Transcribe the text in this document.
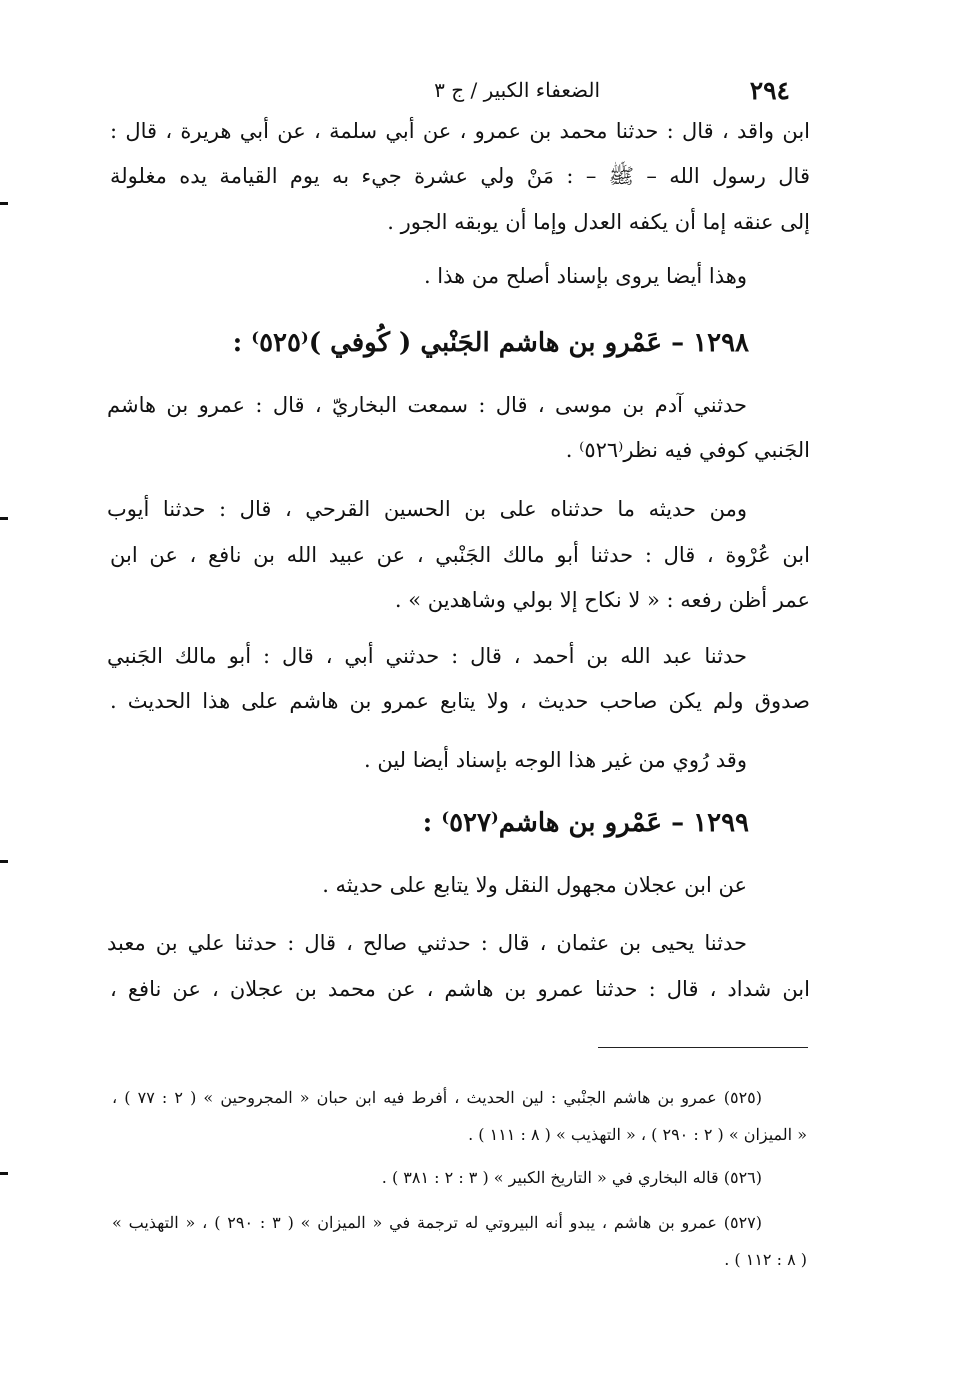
٢٩٤
الضعفاء الكبير / ج ٣
ابن واقد ، قال : حدثنا محمد بن عمرو ، عن أبي سلمة ، عن أبي هريرة ، قال :
قال رسول الله – ﷺ – : مَنْ ولي عشرة جيء به يوم القيامة يده مغلولة
إلى عنقه إما أن يكفه العدل وإما أن يوبقه الجور .
وهذا أيضا يروى بإسناد أصلح من هذا .
١٢٩٨ – عَمْرو بن هاشم الجَنْبي ( كُوفي )⁽٥٢٥⁾ :
حدثني آدم بن موسى ، قال : سمعت البخاريّ ، قال : عمرو بن هاشم
الجَنبي كوفي فيه نظر⁽٥٢٦⁾ .
ومن حديثه ما حدثناه على بن الحسين القرحي ، قال : حدثنا أيوب
ابن عُرْوة ، قال : حدثنا أبو مالك الجَنْبي ، عن عبيد الله بن نافع ، عن ابن
عمر أظن رفعه : « لا نكاح إلا بولي وشاهدين » .
حدثنا عبد الله بن أحمد ، قال : حدثني أبي ، قال : أبو مالك الجَنبي
صدوق ولم يكن صاحب حديث ، ولا يتابع عمرو بن هاشم على هذا الحديث .
وقد رُوي من غير هذا الوجه بإسناد أيضا لين .
١٢٩٩ – عَمْرو بن هاشم⁽٥٢٧⁾ :
عن ابن عجلان مجهول النقل ولا يتابع على حديثه .
حدثنا يحيى بن عثمان ، قال : حدثني صالح ، قال : حدثنا علي بن معبد
ابن شداد ، قال : حدثنا عمرو بن هاشم ، عن محمد بن عجلان ، عن نافع ،
(٥٢٥) عمرو بن هاشم الجنْبي : لين الحديث ، أفرط فيه ابن حبان « المجروحين » ( ٢ : ٧٧ ) ،
« الميزان » ( ٢ : ٢٩٠ ) ، « التهذيب » ( ٨ : ١١١ ) .
(٥٢٦) قاله البخاري في « التاريخ الكبير » ( ٣ : ٢ : ٣٨١ ) .
(٥٢٧) عمرو بن هاشم ، يبدو أنه البيروتي له ترجمة في « الميزان » ( ٣ : ٢٩٠ ) ، « التهذيب »
( ٨ : ١١٢ ) .
